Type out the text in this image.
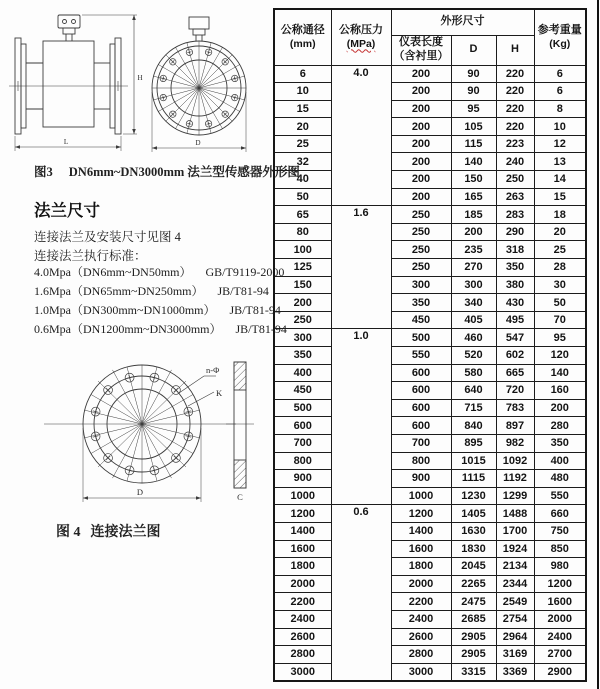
L
H
D
图3 DN6mm~DN3000mm 法兰型传感器外形图
法兰尺寸
连接法兰及安装尺寸见图 4
连接法兰执行标准：
4.0Mpa（DN6mm~DN50mm） GB/T9119-2000
1.6Mpa（DN65mm~DN250mm） JB/T81-94
1.0Mpa（DN300mm~DN1000mm） JB/T81-94
0.6Mpa（DN1200mm~DN3000mm） JB/T81-94
n-Φ
K
D	C
图 4 连接法兰图
公称通径
(mm)

公称压力
(MPa)
	外形尺寸	
参考重量
(Kg)

		仪表长度
（含衬里）	D	H	
6	4.0	200	90	220	6
10		200	90	220	6
15		200	95	220	8
20		200	105	220	10
25		200	115	223	12
32		200	140	240	13
40		200	150	250	14
50		200	165	263	15
65	1.6	250	185	283	18
80		250	200	290	20
100		250	235	318	25
125		250	270	350	28
150		300	300	380	30
200		350	340	430	50
250		450	405	495	70
300	1.0	500	460	547	95
350		550	520	602	120
400		600	580	665	140
450		600	640	720	160
500		600	715	783	200
600		600	840	897	280
700		700	895	982	350
800		800	1015	1092	400
900		900	1115	1192	480
1000		1000	1230	1299	550
1200	0.6	1200	1405	1488	660
1400		1400	1630	1700	750
1600		1600	1830	1924	850
1800		1800	2045	2134	980
2000		2000	2265	2344	1200
2200		2200	2475	2549	1600
2400		2400	2685	2754	2000
2600		2600	2905	2964	2400
2800		2800	2905	3169	2700
3000		3000	3315	3369	2900
